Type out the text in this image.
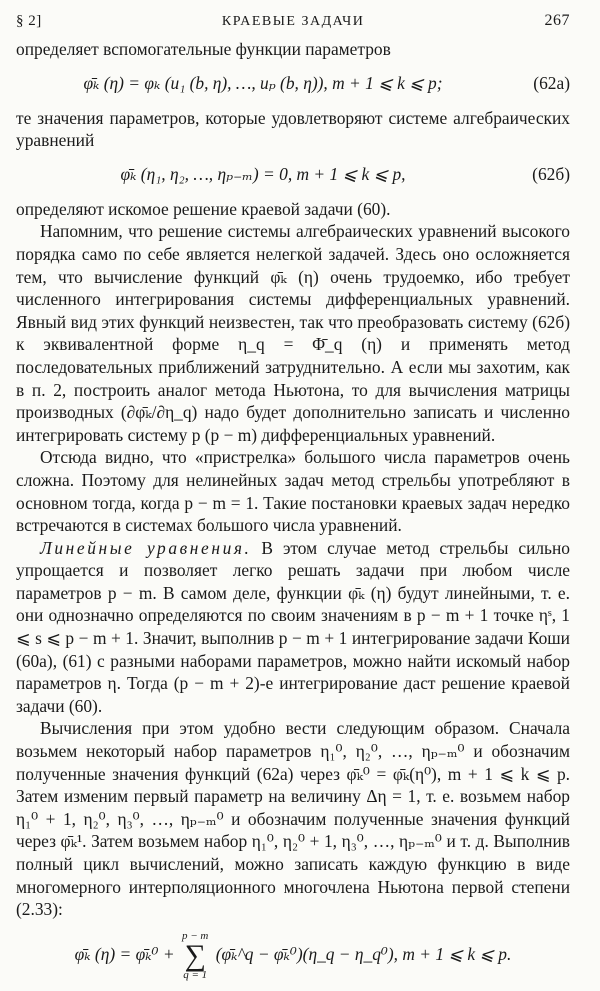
§ 2]	КРАЕВЫЕ ЗАДАЧИ	267

определяет вспомогательные функции параметров

φ̄ₖ (η) = φₖ (u₁ (b, η), …, uₚ (b, η)), m + 1 ⩽ k ⩽ p;	(62а)

те значения параметров, которые удовлетворяют системе алгебраических уравнений

φ̄ₖ (η₁, η₂, …, ηₚ₋ₘ) = 0, m + 1 ⩽ k ⩽ p,	(62б)

определяют искомое решение краевой задачи (60).

Напомним, что решение системы алгебраических уравнений высокого порядка само по себе является нелегкой задачей. Здесь оно осложняется тем, что вычисление функций φ̄ₖ (η) очень трудоемко, ибо требует численного интегрирования системы дифференциальных уравнений. Явный вид этих функций неизвестен, так что преобразовать систему (62б) к эквивалентной форме η_q = Φ̄_q (η) и применять метод последовательных приближений затруднительно. А если мы захотим, как в п. 2, построить аналог метода Ньютона, то для вычисления матрицы производных (∂φ̄ₖ/∂η_q) надо будет дополнительно записать и численно интегрировать систему p (p − m) дифференциальных уравнений.

Отсюда видно, что «пристрелка» большого числа параметров очень сложна. Поэтому для нелинейных задач метод стрельбы употребляют в основном тогда, когда p − m = 1. Такие постановки краевых задач нередко встречаются в системах большого числа уравнений.

Линейные уравнения. В этом случае метод стрельбы сильно упрощается и позволяет легко решать задачи при любом числе параметров p − m. В самом деле, функции φ̄ₖ (η) будут линейными, т. е. они однозначно определяются по своим значениям в p − m + 1 точке ηˢ, 1 ⩽ s ⩽ p − m + 1. Значит, выполнив p − m + 1 интегрирование задачи Коши (60а), (61) с разными наборами параметров, можно найти искомый набор параметров η. Тогда (p − m + 2)-е интегрирование даст решение краевой задачи (60).

Вычисления при этом удобно вести следующим образом. Сначала возьмем некоторый набор параметров η₁⁰, η₂⁰, …, ηₚ₋ₘ⁰ и обозначим полученные значения функций (62а) через φ̄ₖ⁰ = φ̄ₖ(η⁰), m + 1 ⩽ k ⩽ p. Затем изменим первый параметр на величину Δη = 1, т. е. возьмем набор η₁⁰ + 1, η₂⁰, η₃⁰, …, ηₚ₋ₘ⁰ и обозначим полученные значения функций через φ̄ₖ¹. Затем возьмем набор η₁⁰, η₂⁰ + 1, η₃⁰, …, ηₚ₋ₘ⁰ и т. д. Выполнив полный цикл вычислений, можно записать каждую функцию в виде многомерного интерполяционного многочлена Ньютона первой степени (2.33):

φ̄ₖ (η) = φ̄ₖ⁰ +
p − m
∑
q = 1
(φ̄ₖ^q − φ̄ₖ⁰)(η_q − η_q⁰), m + 1 ⩽ k ⩽ p.
